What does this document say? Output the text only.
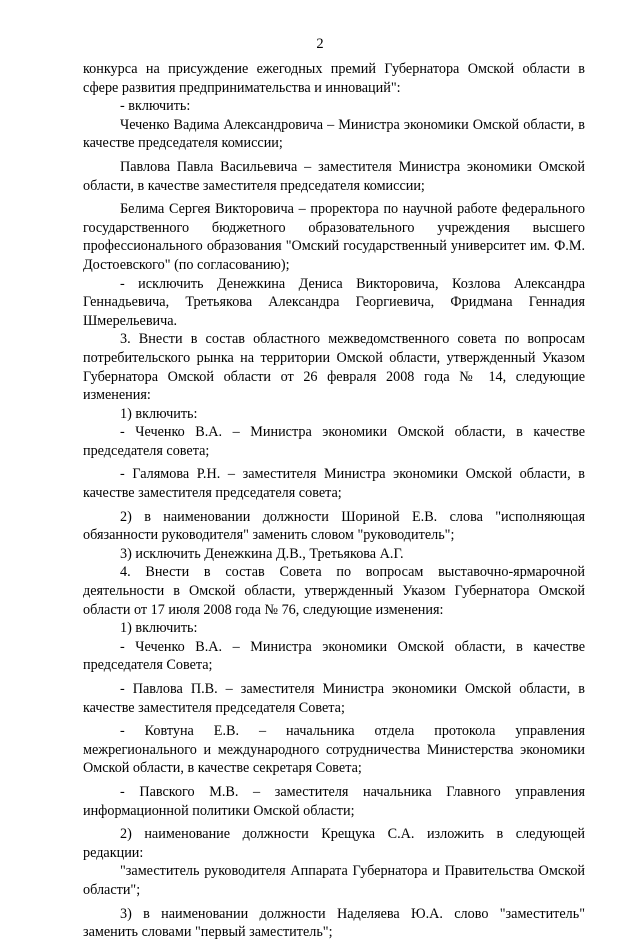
2

конкурса на присуждение ежегодных премий Губернатора Омской области в сфере развития предпринимательства и инноваций":

- включить:

Чеченко Вадима Александровича – Министра экономики Омской области, в качестве председателя комиссии;

Павлова Павла Васильевича – заместителя Министра экономики Омской области, в качестве заместителя председателя комиссии;

Белима Сергея Викторовича – проректора по научной работе федерального государственного бюджетного образовательного учреждения высшего профессионального образования "Омский государственный университет им. Ф.М. Достоевского" (по согласованию);

- исключить Денежкина Дениса Викторовича, Козлова Александра Геннадьевича, Третьякова Александра Георгиевича, Фридмана Геннадия Шмерельевича.

3. Внести в состав областного межведомственного совета по вопросам потребительского рынка на территории Омской области, утвержденный Указом Губернатора Омской области от 26 февраля 2008 года № 14, следующие изменения:

1) включить:

- Чеченко В.А. – Министра экономики Омской области, в качестве председателя совета;

- Галямова Р.Н. – заместителя Министра экономики Омской области, в качестве заместителя председателя совета;

2) в наименовании должности Шориной Е.В. слова "исполняющая обязанности руководителя" заменить словом "руководитель";

3) исключить Денежкина Д.В., Третьякова А.Г.

4. Внести в состав Совета по вопросам выставочно-ярмарочной деятельности в Омской области, утвержденный Указом Губернатора Омской области от 17 июля 2008 года № 76, следующие изменения:

1) включить:

- Чеченко В.А. – Министра экономики Омской области, в качестве председателя Совета;

- Павлова П.В. – заместителя Министра экономики Омской области, в качестве заместителя председателя Совета;

- Ковтуна Е.В. – начальника отдела протокола управления межрегионального и международного сотрудничества Министерства экономики Омской области, в качестве секретаря Совета;

- Павского М.В. – заместителя начальника Главного управления информационной политики Омской области;

2) наименование должности Крещука С.А. изложить в следующей редакции:

"заместитель руководителя Аппарата Губернатора и Правительства Омской области";

3) в наименовании должности Наделяева Ю.А. слово "заместитель" заменить словами "первый заместитель";
